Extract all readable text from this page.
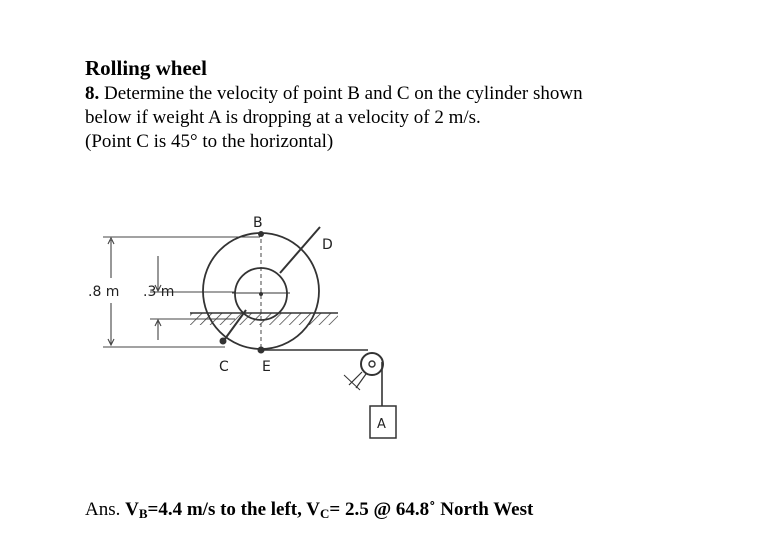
Rolling wheel

8. Determine the velocity of point B and C on the cylinder shown

below if weight A is dropping at a velocity of 2 m/s.

(Point C is 45° to the horizontal)

.8 m .3 m
B
D
C E
A
Ans. $V_B=4.4$ m/s to the left, $V_C= 2.5$ @ 64.8˚ North West
